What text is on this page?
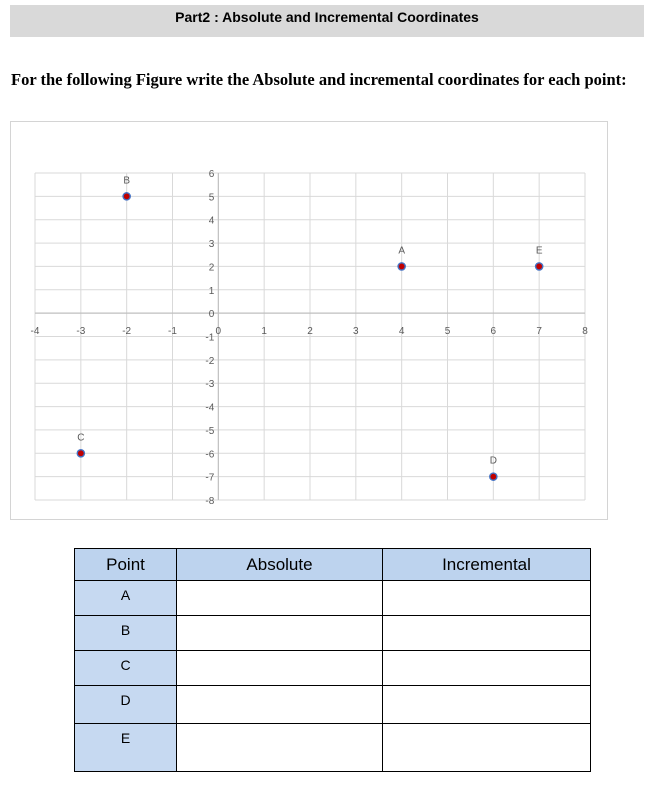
Part2 : Absolute and Incremental Coordinates
For the following Figure write the Absolute and incremental coordinates for each point:
-4	-3	-2	-1	0	1	2	3	4	5	6	7	8
-8
-7
-6
-5
-4
-3
-2
-1
0
1
2
3
4
5
6
A
B
C
D
E
Point	Absolute	Incremental
A		
B		
C		
D		
E		
